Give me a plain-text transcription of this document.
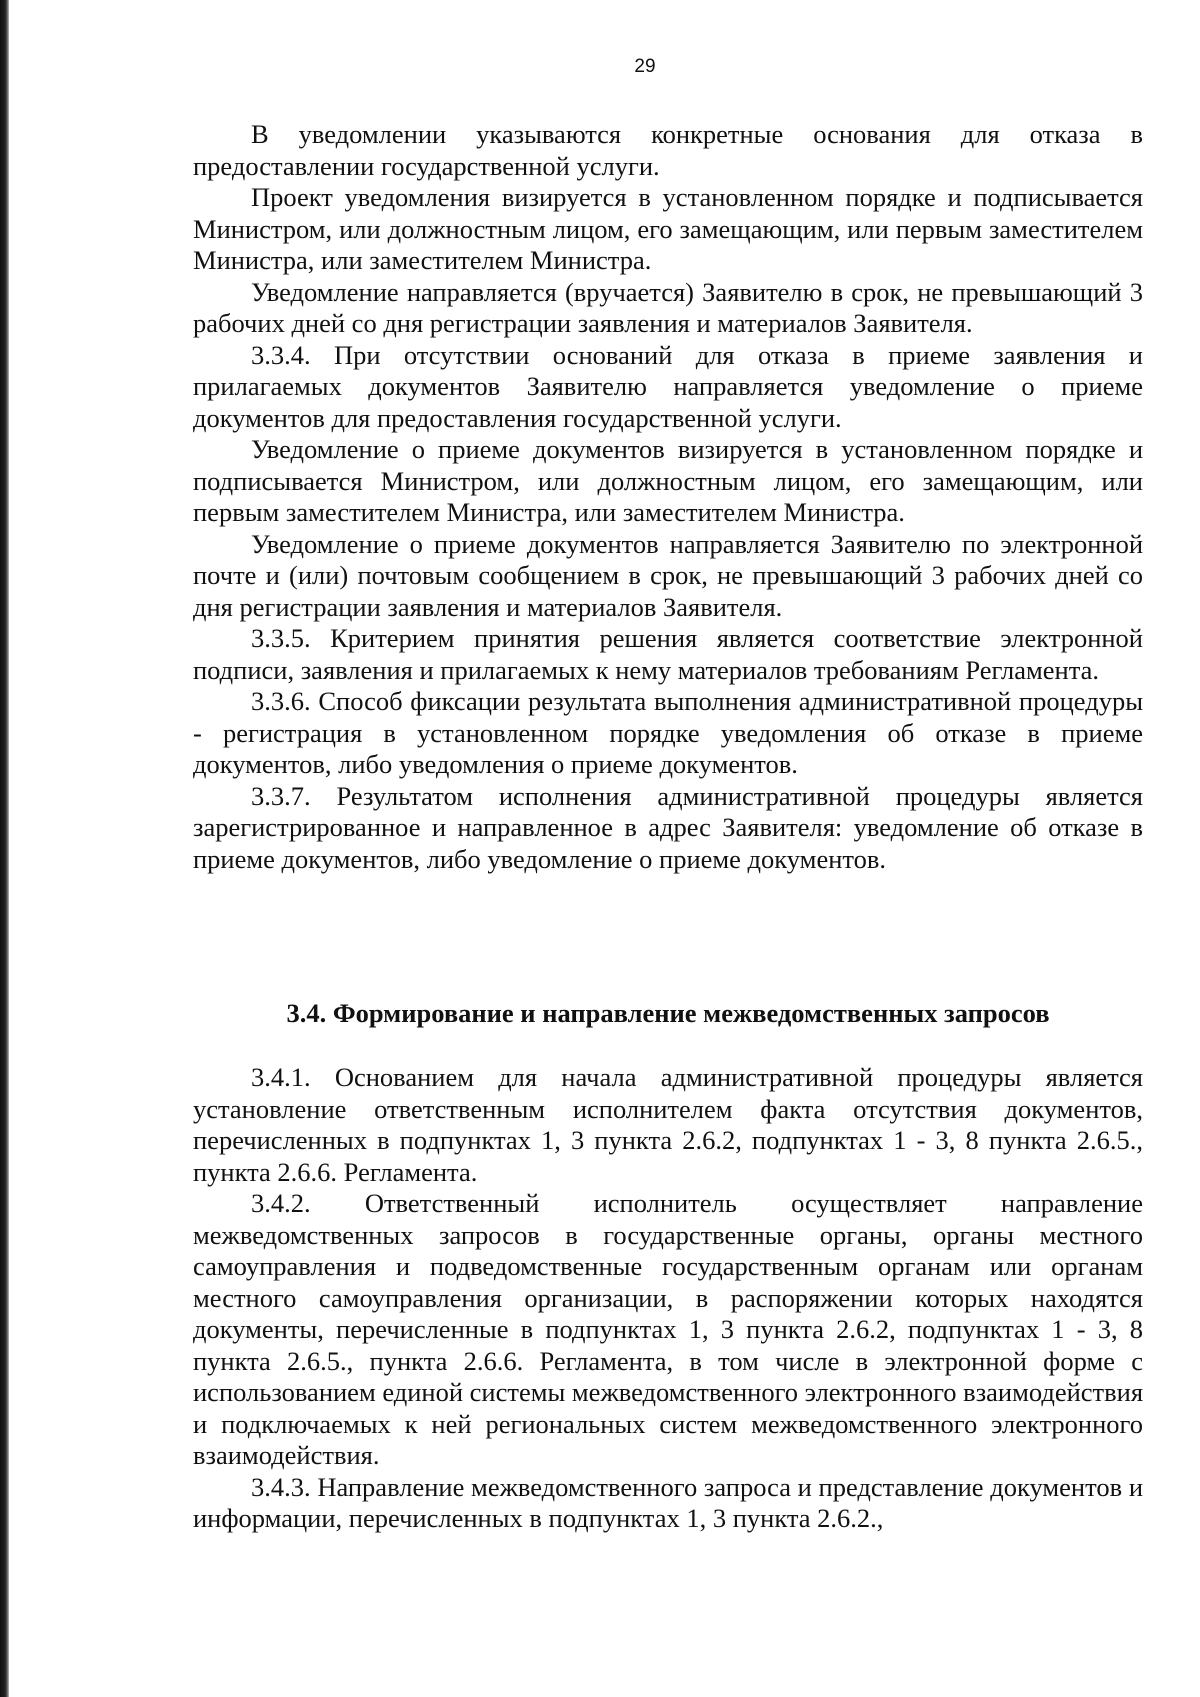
29

В уведомлении указываются конкретные основания для отказа в предоставлении государственной услуги.

Проект уведомления визируется в установленном порядке и подписывается Министром, или должностным лицом, его замещающим, или первым заместителем Министра, или заместителем Министра.

Уведомление направляется (вручается) Заявителю в срок, не превышающий 3 рабочих дней со дня регистрации заявления и материалов Заявителя.

3.3.4. При отсутствии оснований для отказа в приеме заявления и прилагаемых документов Заявителю направляется уведомление о приеме документов для предоставления государственной услуги.

Уведомление о приеме документов визируется в установленном порядке и подписывается Министром, или должностным лицом, его замещающим, или первым заместителем Министра, или заместителем Министра.

Уведомление о приеме документов направляется Заявителю по электронной почте и (или) почтовым сообщением в срок, не превышающий 3 рабочих дней со дня регистрации заявления и материалов Заявителя.

3.3.5. Критерием принятия решения является соответствие электронной подписи, заявления и прилагаемых к нему материалов требованиям Регламента.

3.3.6. Способ фиксации результата выполнения административной процедуры - регистрация в установленном порядке уведомления об отказе в приеме документов, либо уведомления о приеме документов.

3.3.7. Результатом исполнения административной процедуры является зарегистрированное и направленное в адрес Заявителя: уведомление об отказе в приеме документов, либо уведомление о приеме документов.

3.4. Формирование и направление межведомственных запросов

3.4.1. Основанием для начала административной процедуры является установление ответственным исполнителем факта отсутствия документов, перечисленных в подпунктах 1, 3 пункта 2.6.2, подпунктах 1 - 3, 8 пункта 2.6.5., пункта 2.6.6. Регламента.

3.4.2. Ответственный исполнитель осуществляет направление межведомственных запросов в государственные органы, органы местного самоуправления и подведомственные государственным органам или органам местного самоуправления организации, в распоряжении которых находятся документы, перечисленные в подпунктах 1, 3 пункта 2.6.2, подпунктах 1 - 3, 8 пункта 2.6.5., пункта 2.6.6. Регламента, в том числе в электронной форме с использованием единой системы межведомственного электронного взаимодействия и подключаемых к ней региональных систем межведомственного электронного взаимодействия.

3.4.3. Направление межведомственного запроса и представление документов и информации, перечисленных в подпунктах 1, 3 пункта 2.6.2.,
